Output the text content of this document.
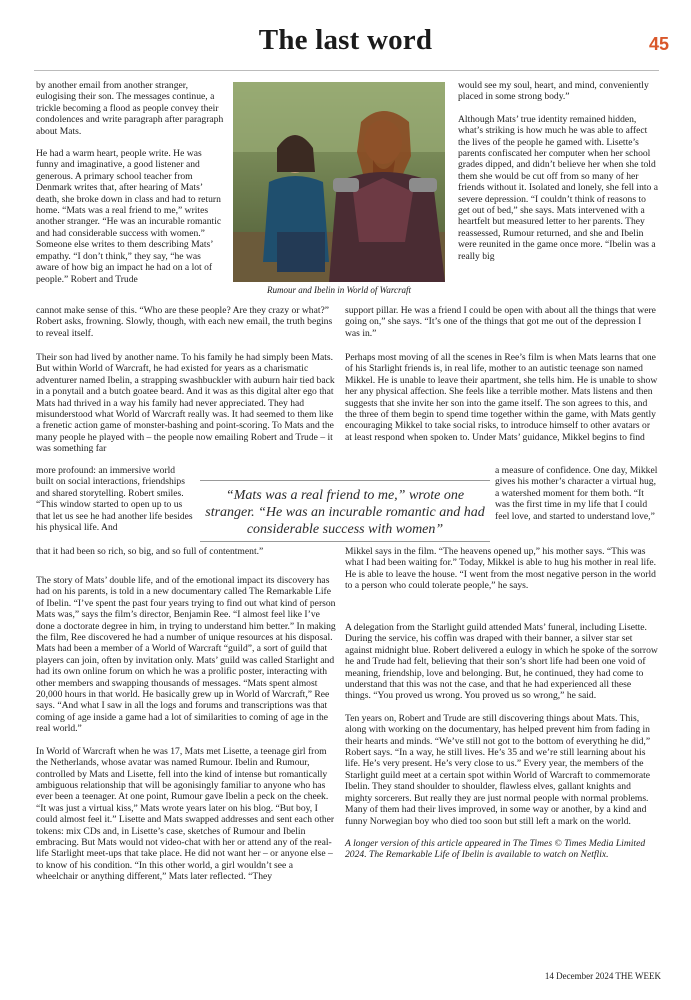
The last word	45

by another email from another stranger, eulogising their son. The messages continue, a trickle becoming a flood as people convey their condolences and write paragraph after paragraph about Mats.

He had a warm heart, people write. He was funny and imaginative, a good listener and generous. A primary school teacher from Denmark writes that, after hearing of Mats’ death, she broke down in class and had to return home. “Mats was a real friend to me,” writes another stranger. “He was an incurable romantic and had considerable success with women.” Someone else writes to them describing Mats’ empathy. “I don’t think,” they say, “he was aware of how big an impact he had on a lot of people.” Robert and Trude

Rumour and Ibelin in World of Warcraft

would see my soul, heart, and mind, conveniently placed in some strong body.”

Although Mats’ true identity remained hidden, what’s striking is how much he was able to affect the lives of the people he gamed with. Lisette’s parents confiscated her computer when her school grades dipped, and didn’t believe her when she told them she would be cut off from so many of her friends without it. Isolated and lonely, she fell into a severe depression. “I couldn’t think of reasons to get out of bed,” she says. Mats intervened with a heartfelt but measured letter to her parents. They reassessed, Rumour returned, and she and Ibelin were reunited in the game once more. “Ibelin was a really big

cannot make sense of this. “Who are these people? Are they crazy or what?” Robert asks, frowning. Slowly, though, with each new email, the truth begins to reveal itself.

support pillar. He was a friend I could be open with about all the things that were going on,” she says. “It’s one of the things that got me out of the depression I was in.”

Their son had lived by another name. To his family he had simply been Mats. But within World of Warcraft, he had existed for years as a charismatic adventurer named Ibelin, a strapping swashbuckler with auburn hair tied back in a ponytail and a butch goatee beard. And it was as this digital alter ego that Mats had thrived in a way his family had never appreciated. They had misunderstood what World of Warcraft really was. It had seemed to them like a frenetic action game of monster-bashing and point-scoring. To Mats and the many people he played with – the people now emailing Robert and Trude – it was something far

more profound: an immersive world built on social interactions, friendships and shared storytelling. Robert smiles. “This window started to open up to us that let us see he had another life besides his physical life. And

that it had been so rich, so big, and so full of contentment.”

Perhaps most moving of all the scenes in Ree’s film is when Mats learns that one of his Starlight friends is, in real life, mother to an autistic teenage son named Mikkel. He is unable to leave their apartment, she tells him. He is unable to show her any physical affection. She feels like a terrible mother. Mats listens and then suggests that she invite her son into the game itself. The son agrees to this, and the three of them begin to spend time together within the game, with Mats gently encouraging Mikkel to take social risks, to introduce himself to other avatars or at least respond when spoken to. Under Mats’ guidance, Mikkel begins to find

a measure of confidence. One day, Mikkel gives his mother’s character a virtual hug, a watershed moment for them both. “It was the first time in my life that I could feel love, and started to understand love,”

Mikkel says in the film. “The heavens opened up,” his mother says. “This was what I had been waiting for.” Today, Mikkel is able to hug his mother in real life. He is able to leave the house. “I went from the most negative person in the world to a person who could tolerate people,” he says.

“Mats was a real friend to me,” wrote one stranger. “He was an incurable romantic and had considerable success with women”

The story of Mats’ double life, and of the emotional impact its discovery has had on his parents, is told in a new documentary called The Remarkable Life of Ibelin. “I’ve spent the past four years trying to find out what kind of person Mats was,” says the film’s director, Benjamin Ree. “I almost feel like I’ve done a doctorate degree in him, in trying to understand him better.” In making the film, Ree discovered he had a number of unique resources at his disposal. Mats had been a member of a World of Warcraft “guild”, a sort of guild that players can join, often by invitation only. Mats’ guild was called Starlight and had its own online forum on which he was a prolific poster, interacting with other members and swapping thousands of messages. “Mats spent almost 20,000 hours in that world. He basically grew up in World of Warcraft,” Ree says. “And what I saw in all the logs and forums and transcriptions was that coming of age inside a game had a lot of similarities to coming of age in the real world.”

In World of Warcraft when he was 17, Mats met Lisette, a teenage girl from the Netherlands, whose avatar was named Rumour. Ibelin and Rumour, controlled by Mats and Lisette, fell into the kind of intense but romantically ambiguous relationship that will be agonisingly familiar to anyone who has ever been a teenager. At one point, Rumour gave Ibelin a peck on the cheek. “It was just a virtual kiss,” Mats wrote years later on his blog. “But boy, I could almost feel it.” Lisette and Mats swapped addresses and sent each other tokens: mix CDs and, in Lisette’s case, sketches of Rumour and Ibelin embracing. But Mats would not video-chat with her or attend any of the real-life Starlight meet-ups that take place. He did not want her – or anyone else – to know of his condition. “In this other world, a girl wouldn’t see a wheelchair or anything different,” Mats later reflected. “They

A delegation from the Starlight guild attended Mats’ funeral, including Lisette. During the service, his coffin was draped with their banner, a silver star set against midnight blue. Robert delivered a eulogy in which he spoke of the sorrow he and Trude had felt, believing that their son’s short life had been one void of meaning, friendship, love and belonging. But, he continued, they had come to understand that this was not the case, and that he had experienced all these things. “You proved us wrong. You proved us so wrong,” he said.

Ten years on, Robert and Trude are still discovering things about Mats. This, along with working on the documentary, has helped prevent him from fading in their hearts and minds. “We’ve still not got to the bottom of everything he did,” Robert says. “In a way, he still lives. He’s 35 and we’re still learning about his life. He’s very present. He’s very close to us.” Every year, the members of the Starlight guild meet at a certain spot within World of Warcraft to commemorate Ibelin. They stand shoulder to shoulder, flawless elves, gallant knights and mighty sorcerers. But really they are just normal people with normal problems. Many of them had their lives improved, in some way or another, by a kind and funny Norwegian boy who died too soon but still left a mark on the world.

A longer version of this article appeared in The Times © Times Media Limited 2024. The Remarkable Life of Ibelin is available to watch on Netflix.

14 December 2024 THE WEEK
